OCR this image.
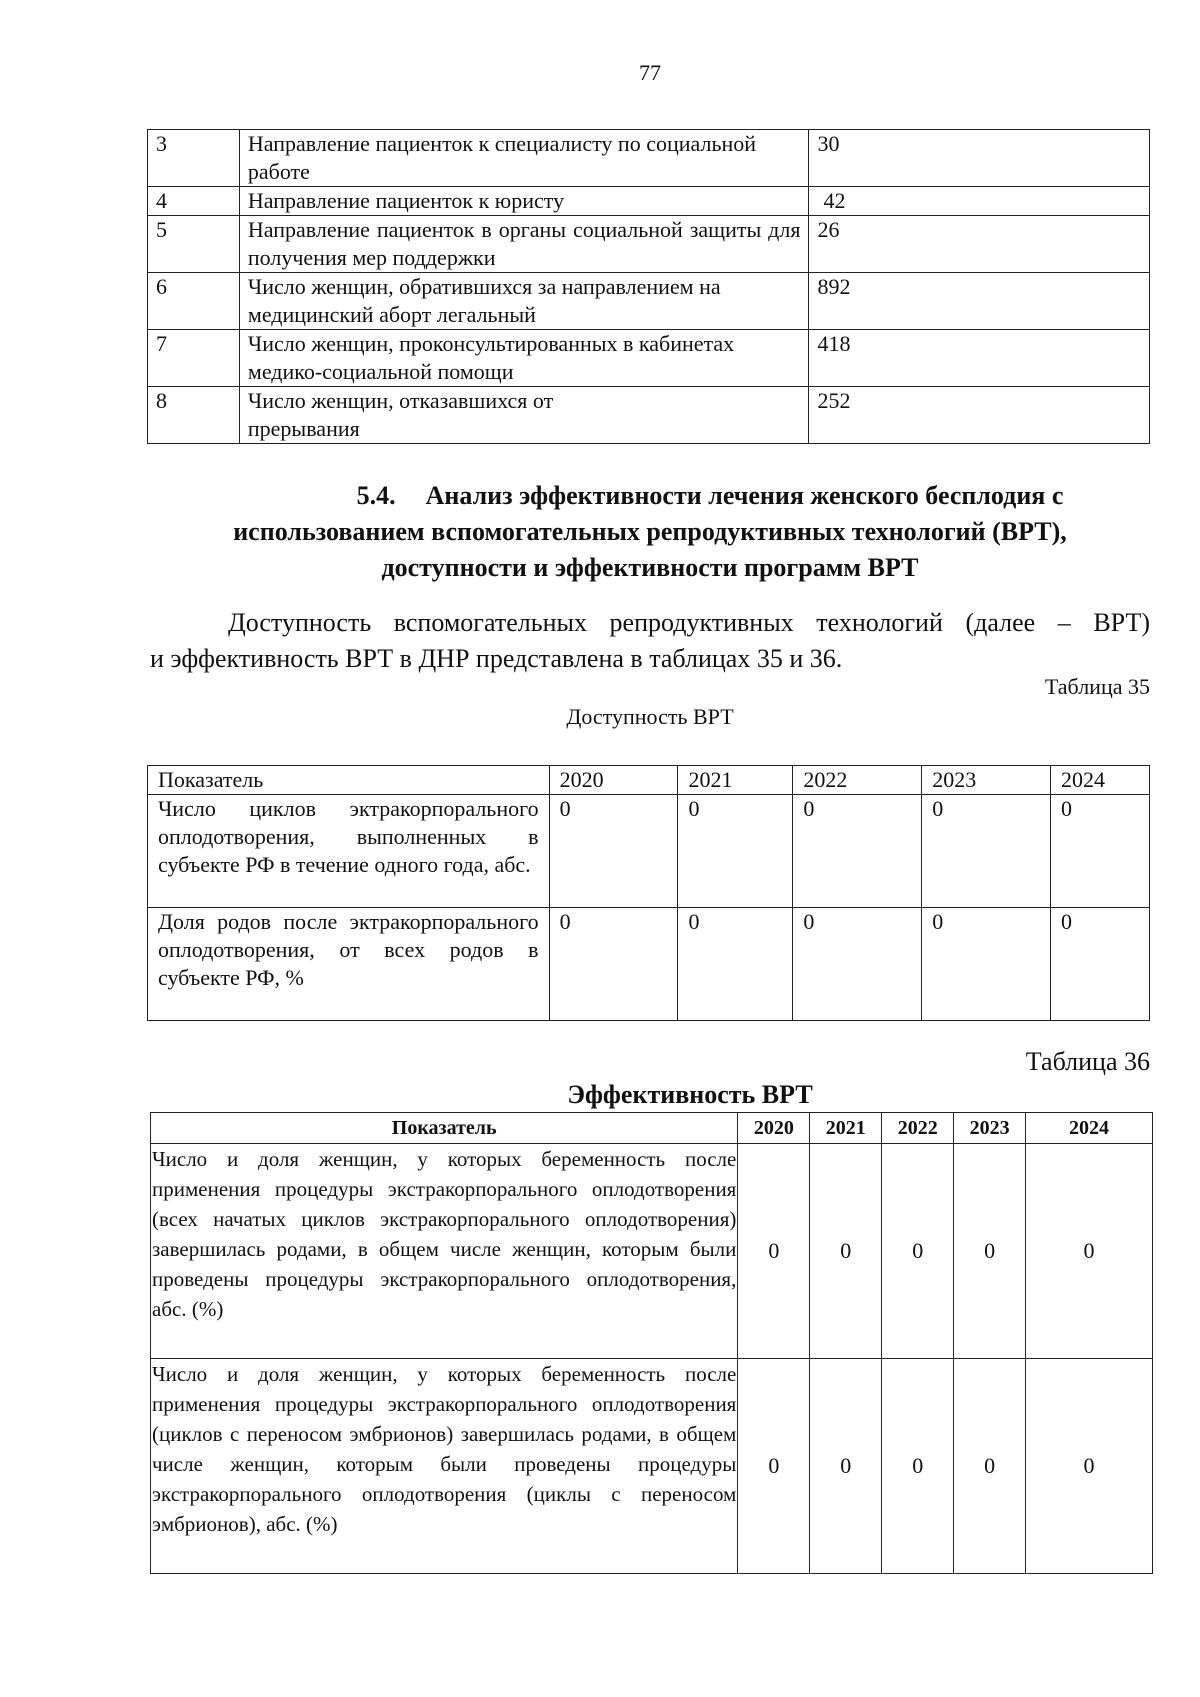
77
3	Направление пациенток к специалисту по социальной работе	30
4	Направление пациенток к юристу	42
5	Направление пациенток в органы социальной защиты для получения мер поддержки	26
6	Число женщин, обратившихся за направлением на медицинский аборт легальный	892
7	Число женщин, проконсультированных в кабинетах медико-социальной помощи	418
8	Число женщин, отказавшихся от прерывания	252
5.4. Анализ эффективности лечения женского бесплодия с
использованием вспомогательных репродуктивных технологий (ВРТ),
доступности и эффективности программ ВРТ
Доступность вспомогательных репродуктивных технологий (далее – ВРТ)
и эффективность ВРТ в ДНР представлена в таблицах 35 и 36.
Таблица 35
Доступность ВРТ
Показатель	2020	2021	2022	2023	2024
Число циклов эктракорпорального оплодотворения, выполненных в субъекте РФ в течение одного года, абс.	0	0	0	0	0
Доля родов после эктракорпорального оплодотворения, от всех родов в субъекте РФ, %	0	0	0	0	0
Таблица 36
Эффективность ВРТ
Показатель	2020	2021	2022	2023	2024
Число и доля женщин, у которых беременность после применения процедуры экстракорпорального оплодотворения (всех начатых циклов экстракорпорального оплодотворения) завершилась родами, в общем числе женщин, которым были проведены процедуры экстракорпорального оплодотворения, абс. (%)	0	0	0	0	0
Число и доля женщин, у которых беременность после применения процедуры экстракорпорального оплодотворения (циклов с переносом эмбрионов) завершилась родами, в общем числе женщин, которым были проведены процедуры экстракорпорального оплодотворения (циклы с переносом эмбрионов), абс. (%)	0	0	0	0	0
